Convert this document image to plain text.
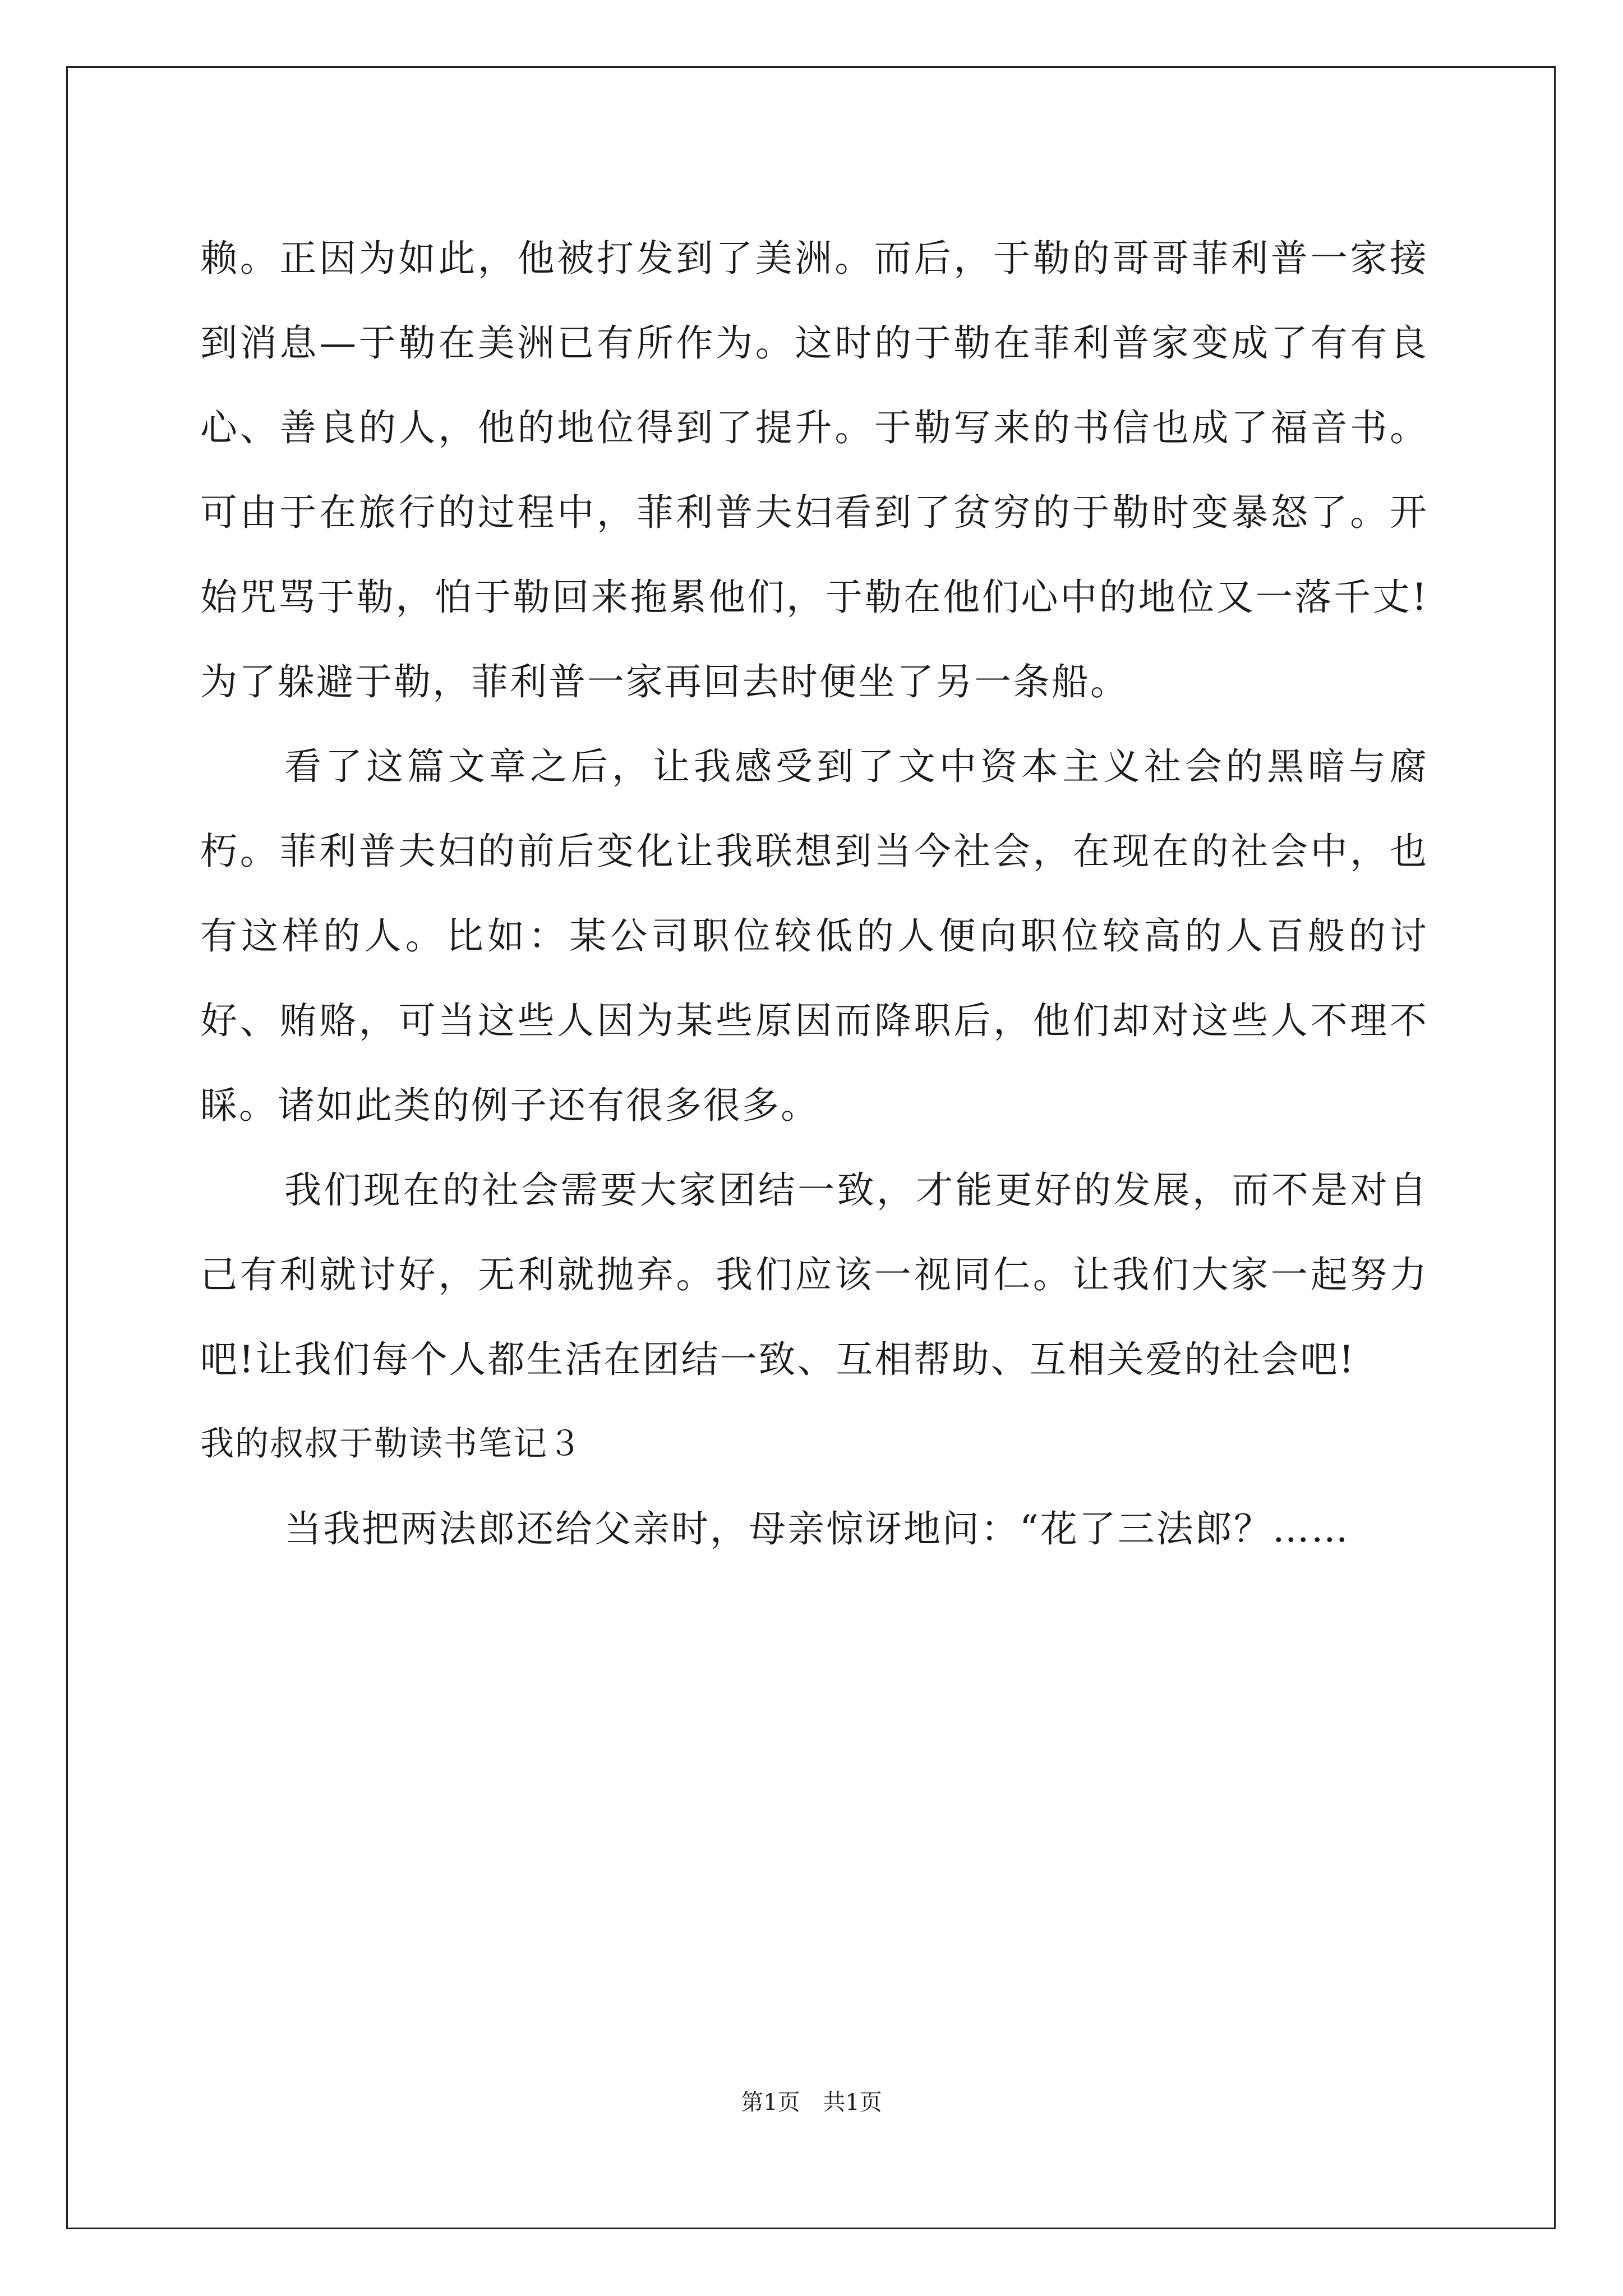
赖。正因为如此，他被打发到了美洲。而后，于勒的哥哥菲利普一家接到消息—于勒在美洲已有所作为。这时的于勒在菲利普家变成了有有良心、善良的人，他的地位得到了提升。于勒写来的书信也成了福音书。可由于在旅行的过程中，菲利普夫妇看到了贫穷的于勒时变暴怒了。开始咒骂于勒，怕于勒回来拖累他们，于勒在他们心中的地位又一落千丈!为了躲避于勒，菲利普一家再回去时便坐了另一条船。

看了这篇文章之后，让我感受到了文中资本主义社会的黑暗与腐朽。菲利普夫妇的前后变化让我联想到当今社会，在现在的社会中，也有这样的人。比如：某公司职位较低的人便向职位较高的人百般的讨好、贿赂，可当这些人因为某些原因而降职后，他们却对这些人不理不睬。诸如此类的例子还有很多很多。

我们现在的社会需要大家团结一致，才能更好的发展，而不是对自己有利就讨好，无利就抛弃。我们应该一视同仁。让我们大家一起努力吧!让我们每个人都生活在团结一致、互相帮助、互相关爱的社会吧!

我的叔叔于勒读书笔记３

当我把两法郎还给父亲时，母亲惊讶地问：“花了三法郎？……

第1页 共1页
